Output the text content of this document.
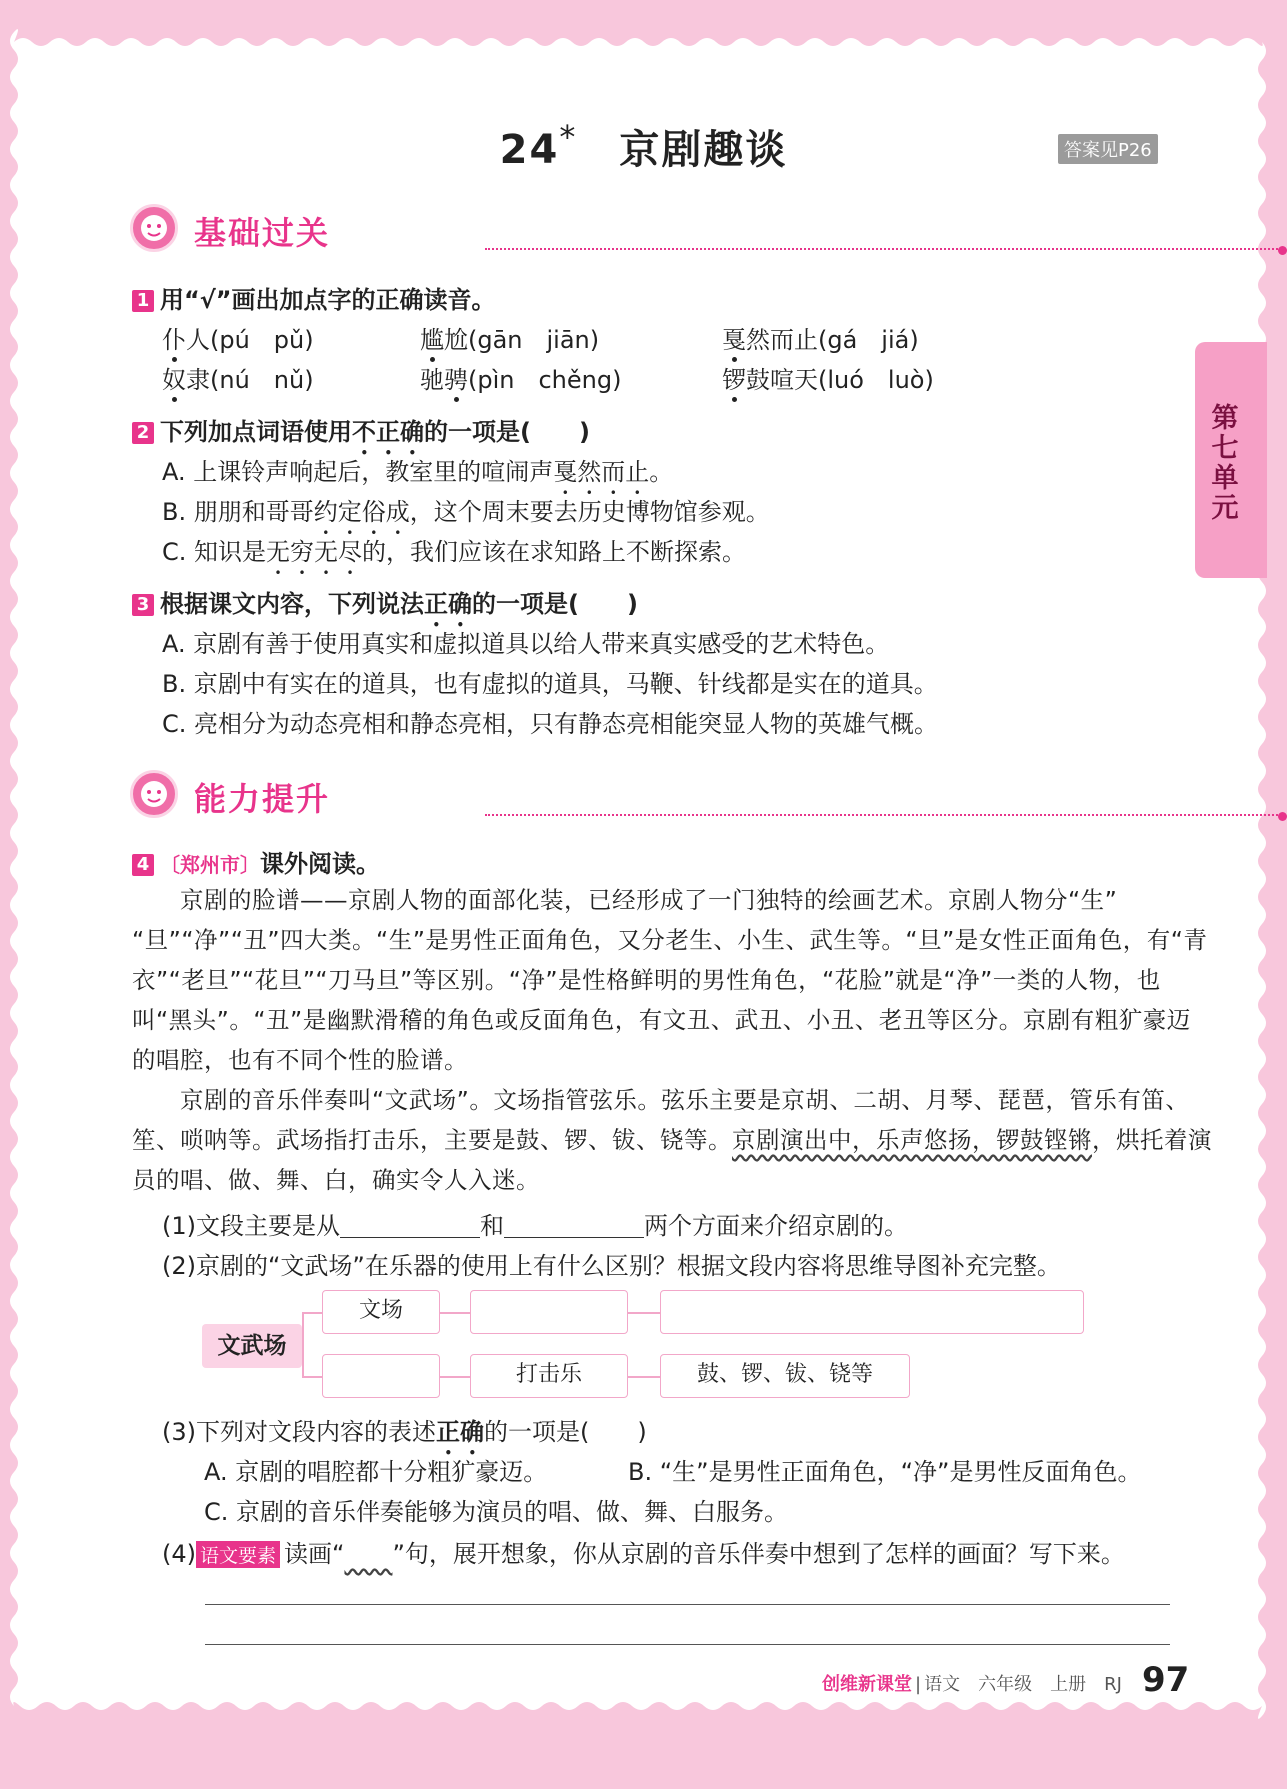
24*　 京剧趣谈	答案见P26
基础过关
1 用“√”画出加点字的正确读音。
仆人(pú　pǔ)	尴尬(gān　jiān)	戛然而止(gá　jiá)
奴隶(nú　nǔ)	驰骋(pìn　chěng)	锣鼓喧天(luó　luò)
2 下列加点词语使用不正确的一项是(　　)
A. 上课铃声响起后，教室里的喧闹声戛然而止。
B. 朋朋和哥哥约定俗成，这个周末要去历史博物馆参观。
C. 知识是无穷无尽的，我们应该在求知路上不断探索。
3 根据课文内容，下列说法正确的一项是(　　)
A. 京剧有善于使用真实和虚拟道具以给人带来真实感受的艺术特色。
B. 京剧中有实在的道具，也有虚拟的道具，马鞭、针线都是实在的道具。
C. 亮相分为动态亮相和静态亮相，只有静态亮相能突显人物的英雄气概。
能力提升
4 〔郑州市〕课外阅读。
京剧的脸谱——京剧人物的面部化装，已经形成了一门独特的绘画艺术。京剧人物分“生”
“旦”“净”“丑”四大类。“生”是男性正面角色，又分老生、小生、武生等。“旦”是女性正面角色，有“青
衣”“老旦”“花旦”“刀马旦”等区别。“净”是性格鲜明的男性角色，“花脸”就是“净”一类的人物，也
叫“黑头”。“丑”是幽默滑稽的角色或反面角色，有文丑、武丑、小丑、老丑等区分。京剧有粗犷豪迈
的唱腔，也有不同个性的脸谱。
京剧的音乐伴奏叫“文武场”。文场指管弦乐。弦乐主要是京胡、二胡、月琴、琵琶，管乐有笛、
笙、唢呐等。武场指打击乐，主要是鼓、锣、钹、铙等。京剧演出中，乐声悠扬，锣鼓铿锵，烘托着演
员的唱、做、舞、白，确实令人入迷。
(1)文段主要是从	和	两个方面来介绍京剧的。
(2)京剧的“文武场”在乐器的使用上有什么区别？根据文段内容将思维导图补充完整。
文武场
文场
打击乐	鼓、锣、钹、铙等
(3)下列对文段内容的表述正确的一项是(　　)
A. 京剧的唱腔都十分粗犷豪迈。	B. “生”是男性正面角色，“净”是男性反面角色。
C. 京剧的音乐伴奏能够为演员的唱、做、舞、白服务。
(4) 语文要素 读画“　　 ”句，展开想象，你从京剧的音乐伴奏中想到了怎样的画面？写下来。
第七单元
创维新课堂 | 语文　六年级　上册　RJ 97
